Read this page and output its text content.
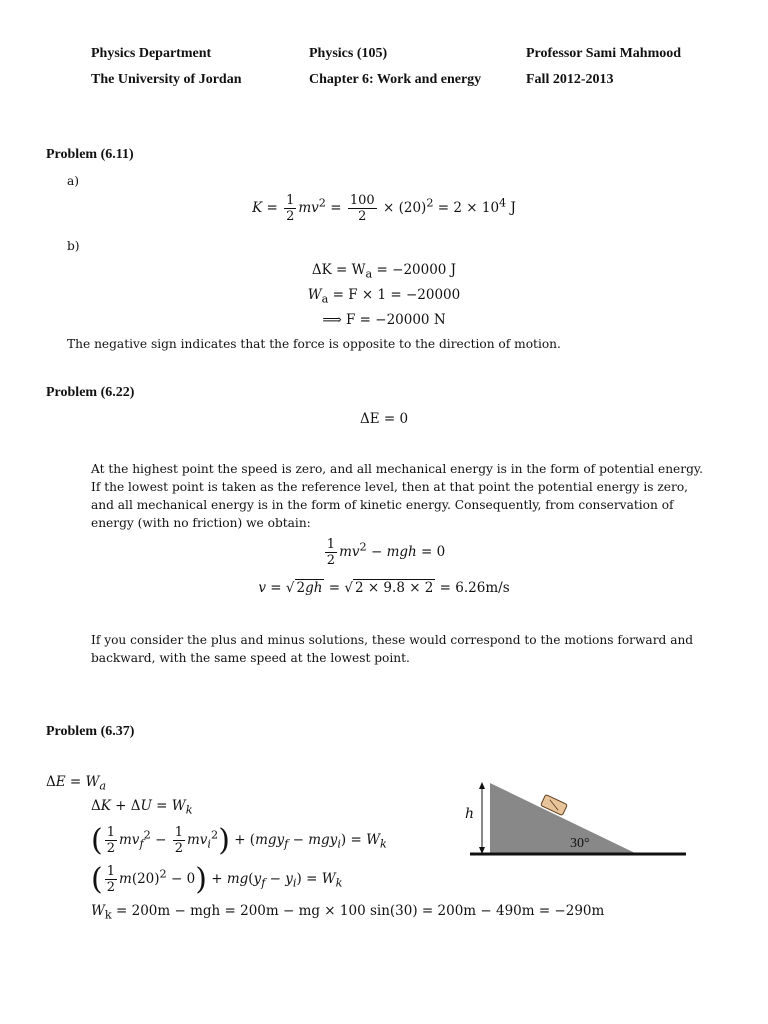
Physics Department
The University of Jordan
Physics (105)
Chapter 6: Work and energy
Professor Sami Mahmood
Fall 2012-2013
Problem (6.11)
a)
$K = \frac{1}{2} mv^2 = \frac{100}{2} \times (20)^2 = 2 \times 10^4$ J
b)
$\Delta K = W_a = -20000$ J
$W_a = F \times 1 = -20000$
⟹ F = −20000 N
The negative sign indicates that the force is opposite to the direction of motion.
Problem (6.22)
ΔE = 0
At the highest point the speed is zero, and all mechanical energy is in the form of potential energy. If the lowest point is taken as the reference level, then at that point the potential energy is zero, and all mechanical energy is in the form of kinetic energy. Consequently, from conservation of energy (with no friction) we obtain:
$\frac{1}{2} mv^2$ − mgh = 0
v = √ 2gh = √ 2 × 9.8 × 2 = 6.26m/s
If you consider the plus and minus solutions, these would correspond to the motions forward and backward, with the same speed at the lowest point.
Problem (6.37)
$\Delta E = W_a$
$\Delta K + \Delta U = W_k$
( $\frac{1}{2} mv_f^2 - \frac{1}{2} mv_i^2) + (mgy_f - mgy_i) = W_k$
( $\frac{1}{2} m(20)^2 - 0) + mg(y_f - y_i) = W_k$
$W_k = 200m$ − mgh = 200m − mg × 100 sin(30) = 200m − 490m = −290m
h
30°
